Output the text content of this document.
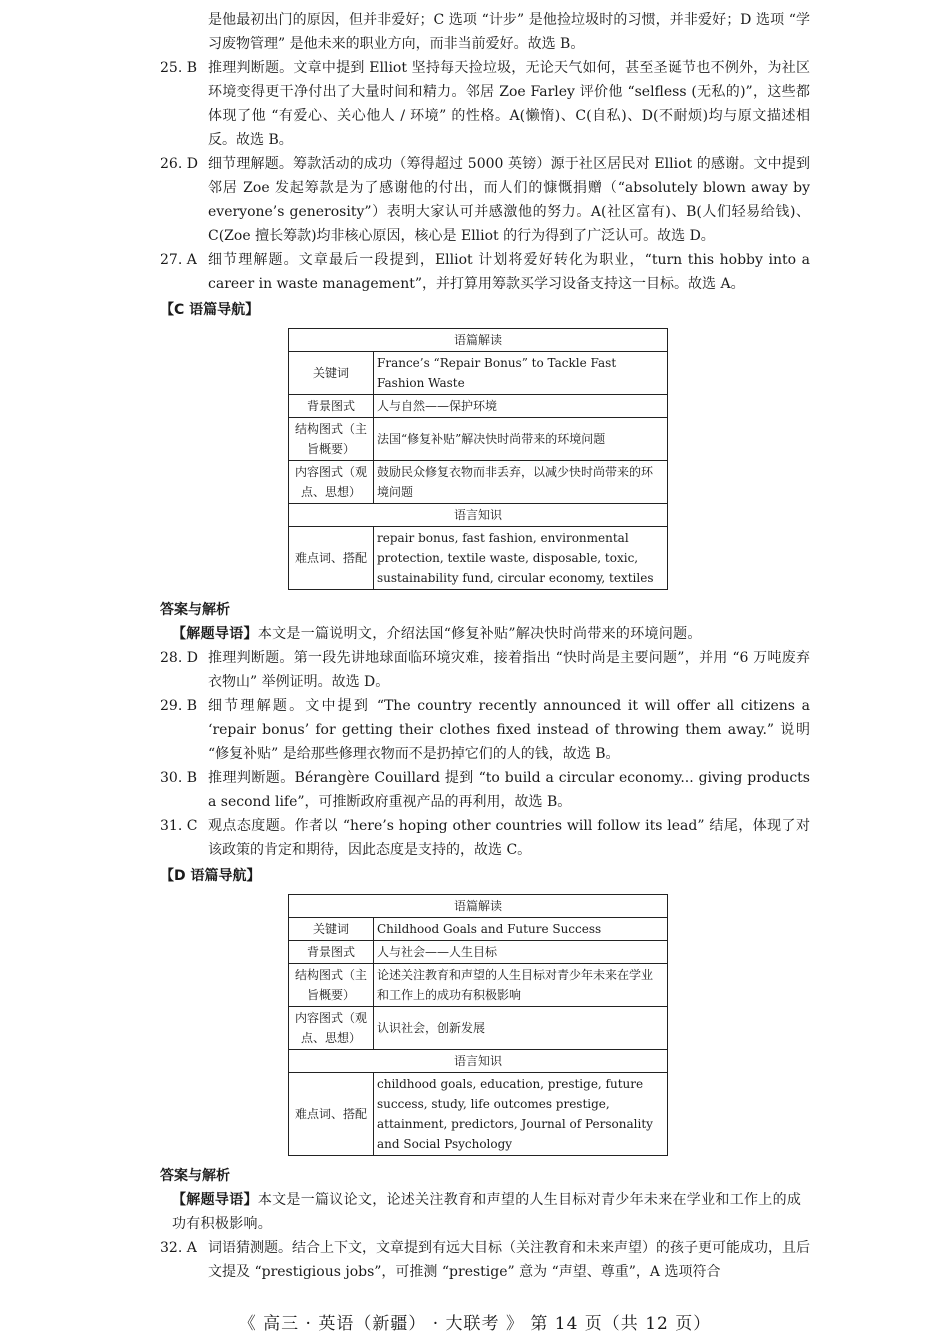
是他最初出门的原因，但并非爱好；C 选项 “计步” 是他捡垃圾时的习惯，并非爱好；D 选项 “学习废物管理” 是他未来的职业方向，而非当前爱好。故选 B。
25. B 推理判断题。文章中提到 Elliot 坚持每天捡垃圾，无论天气如何，甚至圣诞节也不例外，为社区环境变得更干净付出了大量时间和精力。邻居 Zoe Farley 评价他 “selfless (无私的)”，这些都体现了他 “有爱心、关心他人 / 环境” 的性格。A(懒惰)、C(自私)、D(不耐烦)均与原文描述相反。故选 B。
26. D 细节理解题。筹款活动的成功（筹得超过 5000 英镑）源于社区居民对 Elliot 的感谢。文中提到邻居 Zoe 发起筹款是为了感谢他的付出，而人们的慷慨捐赠（“absolutely blown away by everyone’s generosity”）表明大家认可并感激他的努力。A(社区富有)、B(人们轻易给钱)、C(Zoe 擅长筹款)均非核心原因，核心是 Elliot 的行为得到了广泛认可。故选 D。
27. A 细节理解题。文章最后一段提到，Elliot 计划将爱好转化为职业，“turn this hobby into a career in waste management”，并打算用筹款买学习设备支持这一目标。故选 A。
【C 语篇导航】
语篇解读	
关键词	France’s “Repair Bonus” to Tackle Fast Fashion Waste
背景图式	人与自然——保护环境
结构图式（主旨概要）	法国“修复补贴”解决快时尚带来的环境问题
内容图式（观点、思想）	鼓励民众修复衣物而非丢弃，以减少快时尚带来的环境问题
语言知识	
难点词、搭配	repair bonus, fast fashion, environmental protection, textile waste, disposable, toxic, sustainability fund, circular economy, textiles
答案与解析
【解题导语】本文是一篇说明文，介绍法国“修复补贴”解决快时尚带来的环境问题。
28. D 推理判断题。第一段先讲地球面临环境灾难，接着指出 “快时尚是主要问题”，并用 “6 万吨废弃衣物山” 举例证明。故选 D。
29. B 细节理解题。文中提到 “The country recently announced it will offer all citizens a ‘repair bonus’ for getting their clothes fixed instead of throwing them away.” 说明 “修复补贴” 是给那些修理衣物而不是扔掉它们的人的钱，故选 B。
30. B 推理判断题。Bérangère Couillard 提到 “to build a circular economy... giving products a second life”，可推断政府重视产品的再利用，故选 B。
31. C 观点态度题。作者以 “here’s hoping other countries will follow its lead” 结尾，体现了对该政策的肯定和期待，因此态度是支持的，故选 C。
【D 语篇导航】
语篇解读	
关键词	Childhood Goals and Future Success
背景图式	人与社会——人生目标
结构图式（主旨概要）	论述关注教育和声望的人生目标对青少年未来在学业和工作上的成功有积极影响
内容图式（观点、思想）	认识社会，创新发展
语言知识	
难点词、搭配	childhood goals, education, prestige, future success, study, life outcomes prestige, attainment, predictors, Journal of Personality and Social Psychology
答案与解析
【解题导语】本文是一篇议论文，论述关注教育和声望的人生目标对青少年未来在学业和工作上的成功有积极影响。
32. A 词语猜测题。结合上下文，文章提到有远大目标（关注教育和未来声望）的孩子更可能成功，且后文提及 “prestigious jobs”，可推测 “prestige” 意为 “声望、尊重”，A 选项符合
《 高三 · 英语（新疆） · 大联考 》 第 14 页（共 12 页）
